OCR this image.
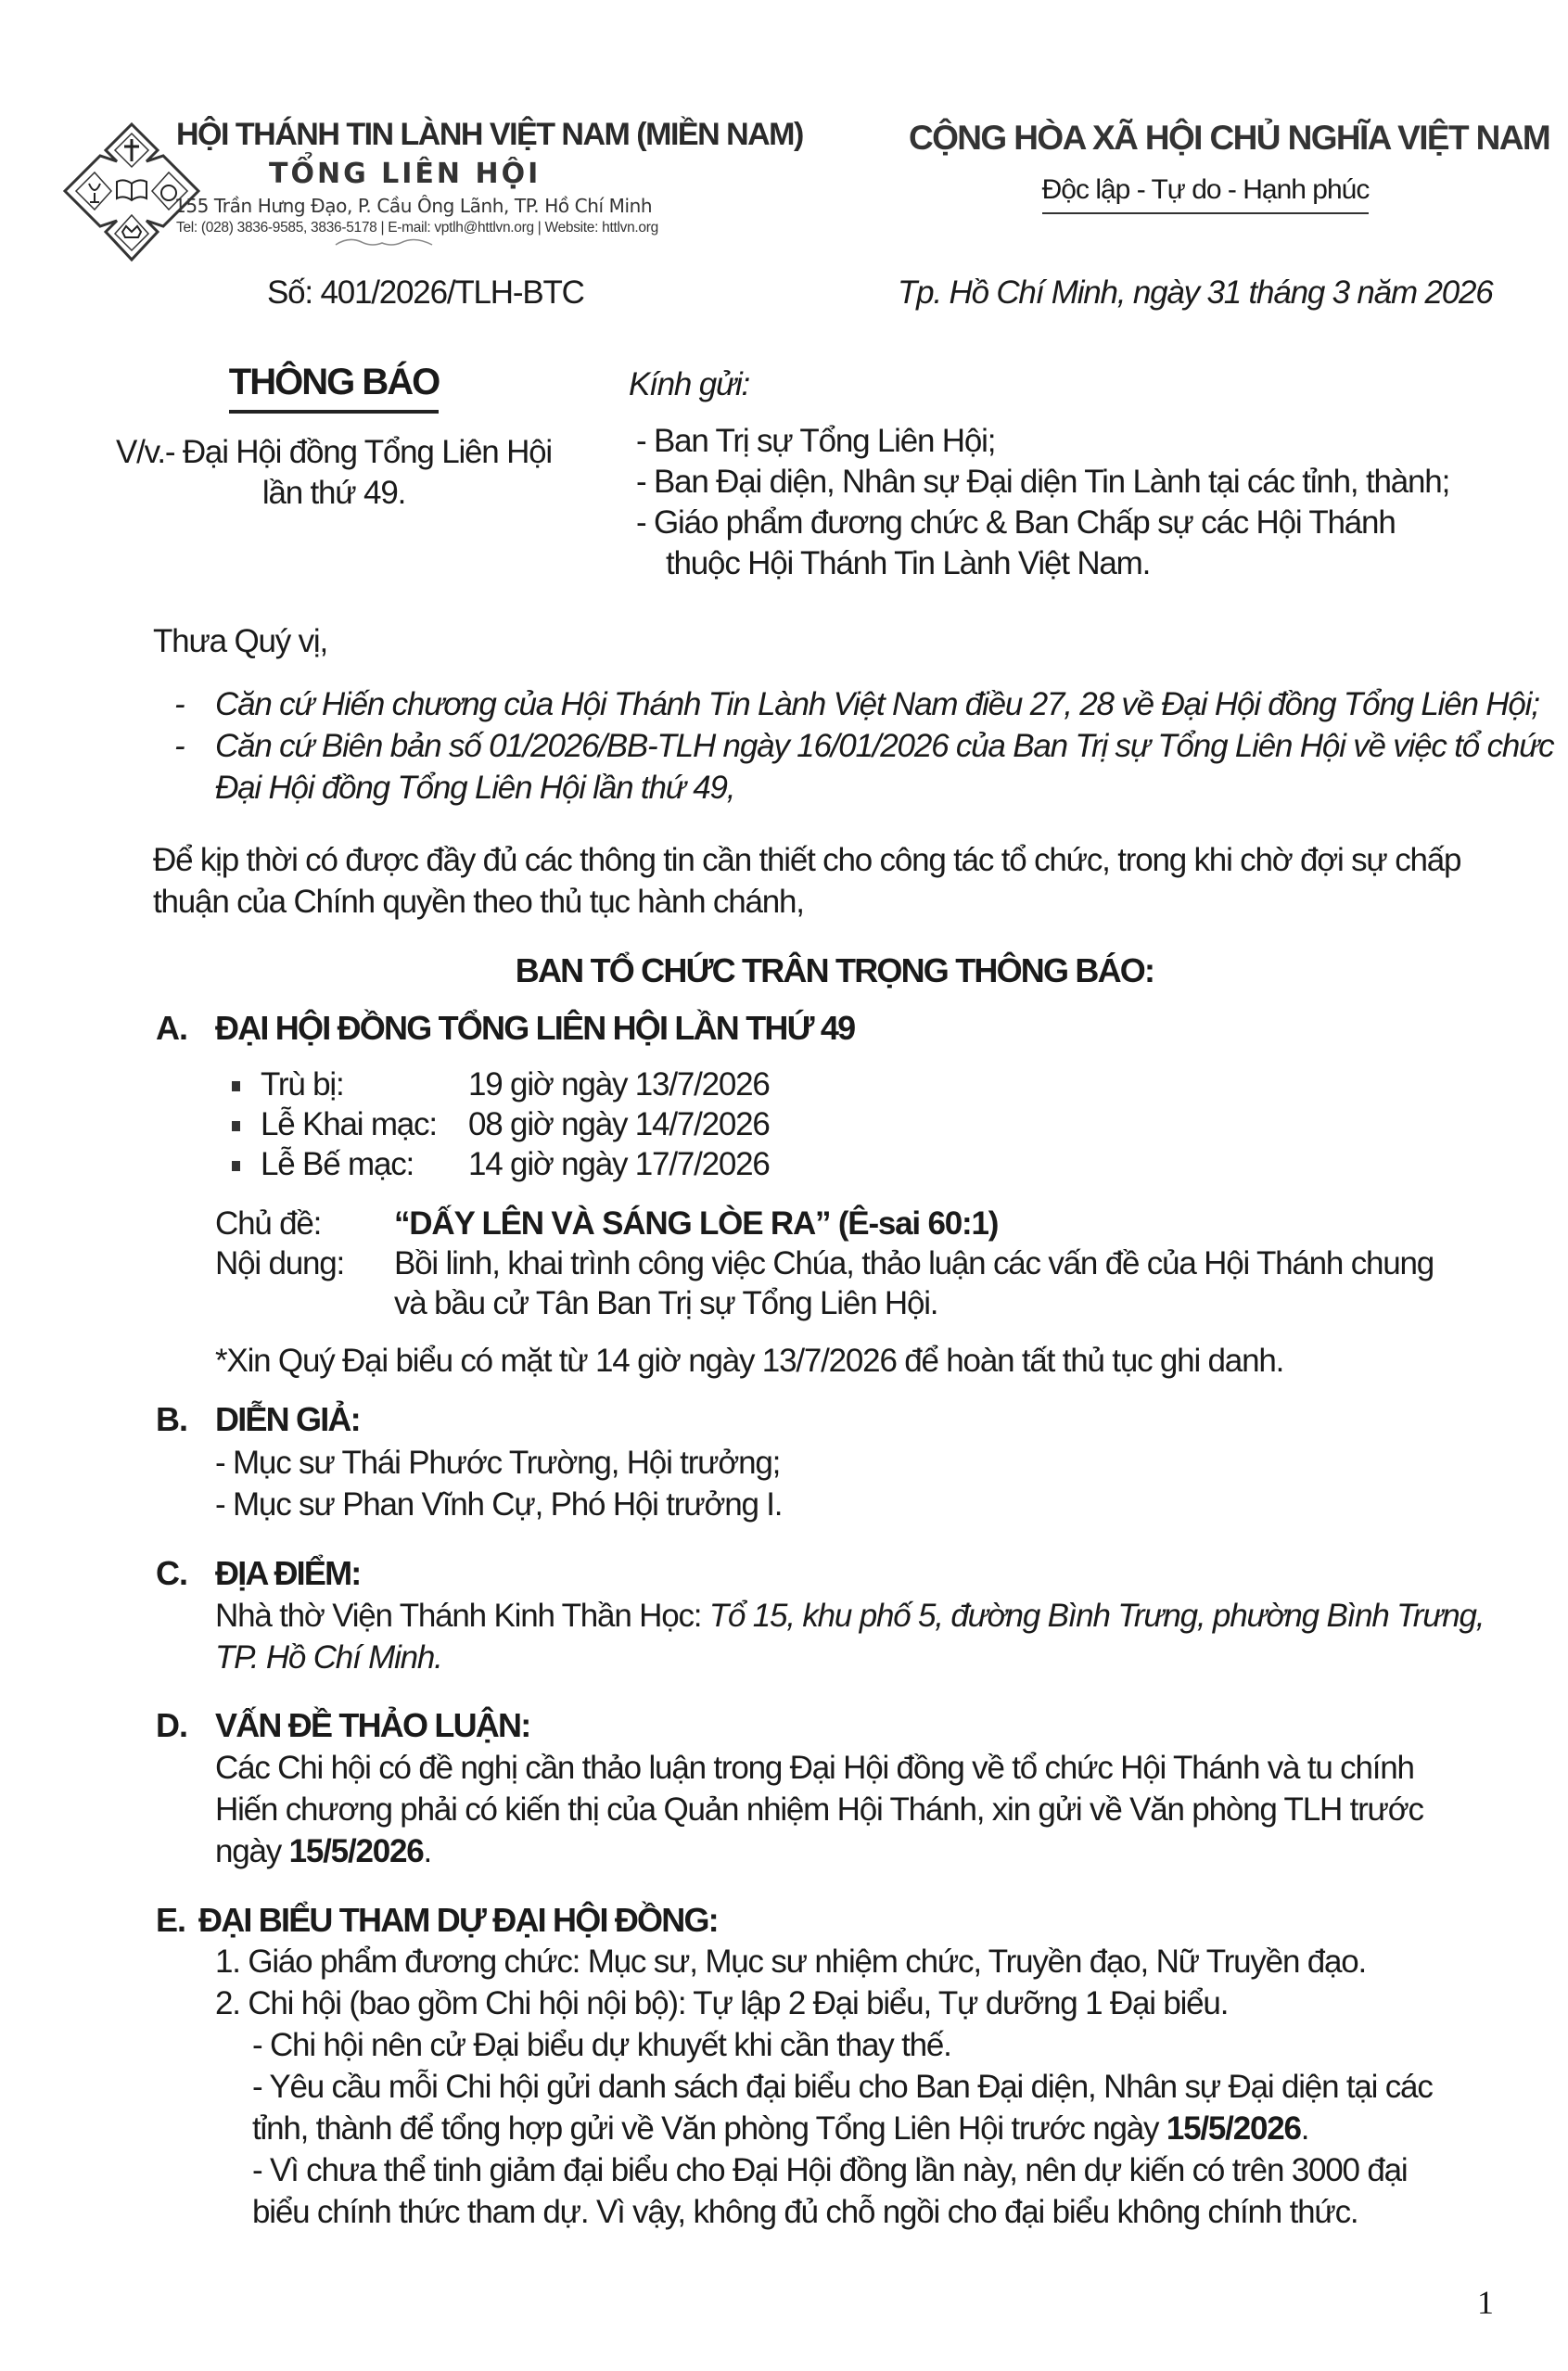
HỘI THÁNH TIN LÀNH VIỆT NAM (MIỀN NAM)
TỔNG LIÊN HỘI
155 Trần Hưng Đạo, P. Cầu Ông Lãnh, TP. Hồ Chí Minh
Tel: (028) 3836-9585, 3836-5178 | E-mail: vptlh@httlvn.org | Website: httlvn.org
CỘNG HÒA XÃ HỘI CHỦ NGHĨA VIỆT NAM
Độc lập - Tự do - Hạnh phúc
Số: 401/2026/TLH-BTC	Tp. Hồ Chí Minh, ngày 31 tháng 3 năm 2026
THÔNG BÁO
V/v.- Đại Hội đồng Tổng Liên Hội
lần thứ 49.
Kính gửi:
- Ban Trị sự Tổng Liên Hội;
- Ban Đại diện, Nhân sự Đại diện Tin Lành tại các tỉnh, thành;
- Giáo phẩm đương chức & Ban Chấp sự các Hội Thánh
thuộc Hội Thánh Tin Lành Việt Nam.
Thưa Quý vị,
- Căn cứ Hiến chương của Hội Thánh Tin Lành Việt Nam điều 27, 28 về Đại Hội đồng Tổng Liên Hội;
- Căn cứ Biên bản số 01/2026/BB-TLH ngày 16/01/2026 của Ban Trị sự Tổng Liên Hội về việc tổ chức
Đại Hội đồng Tổng Liên Hội lần thứ 49,
Để kịp thời có được đầy đủ các thông tin cần thiết cho công tác tổ chức, trong khi chờ đợi sự chấp
thuận của Chính quyền theo thủ tục hành chánh,
BAN TỔ CHỨC TRÂN TRỌNG THÔNG BÁO:
A. ĐẠI HỘI ĐỒNG TỔNG LIÊN HỘI LẦN THỨ 49
Trù bị:	19 giờ ngày 13/7/2026
Lễ Khai mạc: 08 giờ ngày 14/7/2026
Lễ Bế mạc: 14 giờ ngày 17/7/2026
Chủ đề: “DẤY LÊN VÀ SÁNG LÒE RA” (Ê-sai 60:1)
Nội dung: Bồi linh, khai trình công việc Chúa, thảo luận các vấn đề của Hội Thánh chung
và bầu cử Tân Ban Trị sự Tổng Liên Hội.
*Xin Quý Đại biểu có mặt từ 14 giờ ngày 13/7/2026 để hoàn tất thủ tục ghi danh.
B. DIỄN GIẢ:
- Mục sư Thái Phước Trường, Hội trưởng;
- Mục sư Phan Vĩnh Cự, Phó Hội trưởng I.
C. ĐỊA ĐIỂM:
Nhà thờ Viện Thánh Kinh Thần Học: Tổ 15, khu phố 5, đường Bình Trưng, phường Bình Trưng,
TP. Hồ Chí Minh.
D. VẤN ĐỀ THẢO LUẬN:
Các Chi hội có đề nghị cần thảo luận trong Đại Hội đồng về tổ chức Hội Thánh và tu chính
Hiến chương phải có kiến thị của Quản nhiệm Hội Thánh, xin gửi về Văn phòng TLH trước
ngày 15/5/2026.
E. ĐẠI BIỂU THAM DỰ ĐẠI HỘI ĐỒNG:
1. Giáo phẩm đương chức: Mục sư, Mục sư nhiệm chức, Truyền đạo, Nữ Truyền đạo.
2. Chi hội (bao gồm Chi hội nội bộ): Tự lập 2 Đại biểu, Tự dưỡng 1 Đại biểu.
- Chi hội nên cử Đại biểu dự khuyết khi cần thay thế.
- Yêu cầu mỗi Chi hội gửi danh sách đại biểu cho Ban Đại diện, Nhân sự Đại diện tại các
tỉnh, thành để tổng hợp gửi về Văn phòng Tổng Liên Hội trước ngày 15/5/2026.
- Vì chưa thể tinh giảm đại biểu cho Đại Hội đồng lần này, nên dự kiến có trên 3000 đại
biểu chính thức tham dự. Vì vậy, không đủ chỗ ngồi cho đại biểu không chính thức.
1
